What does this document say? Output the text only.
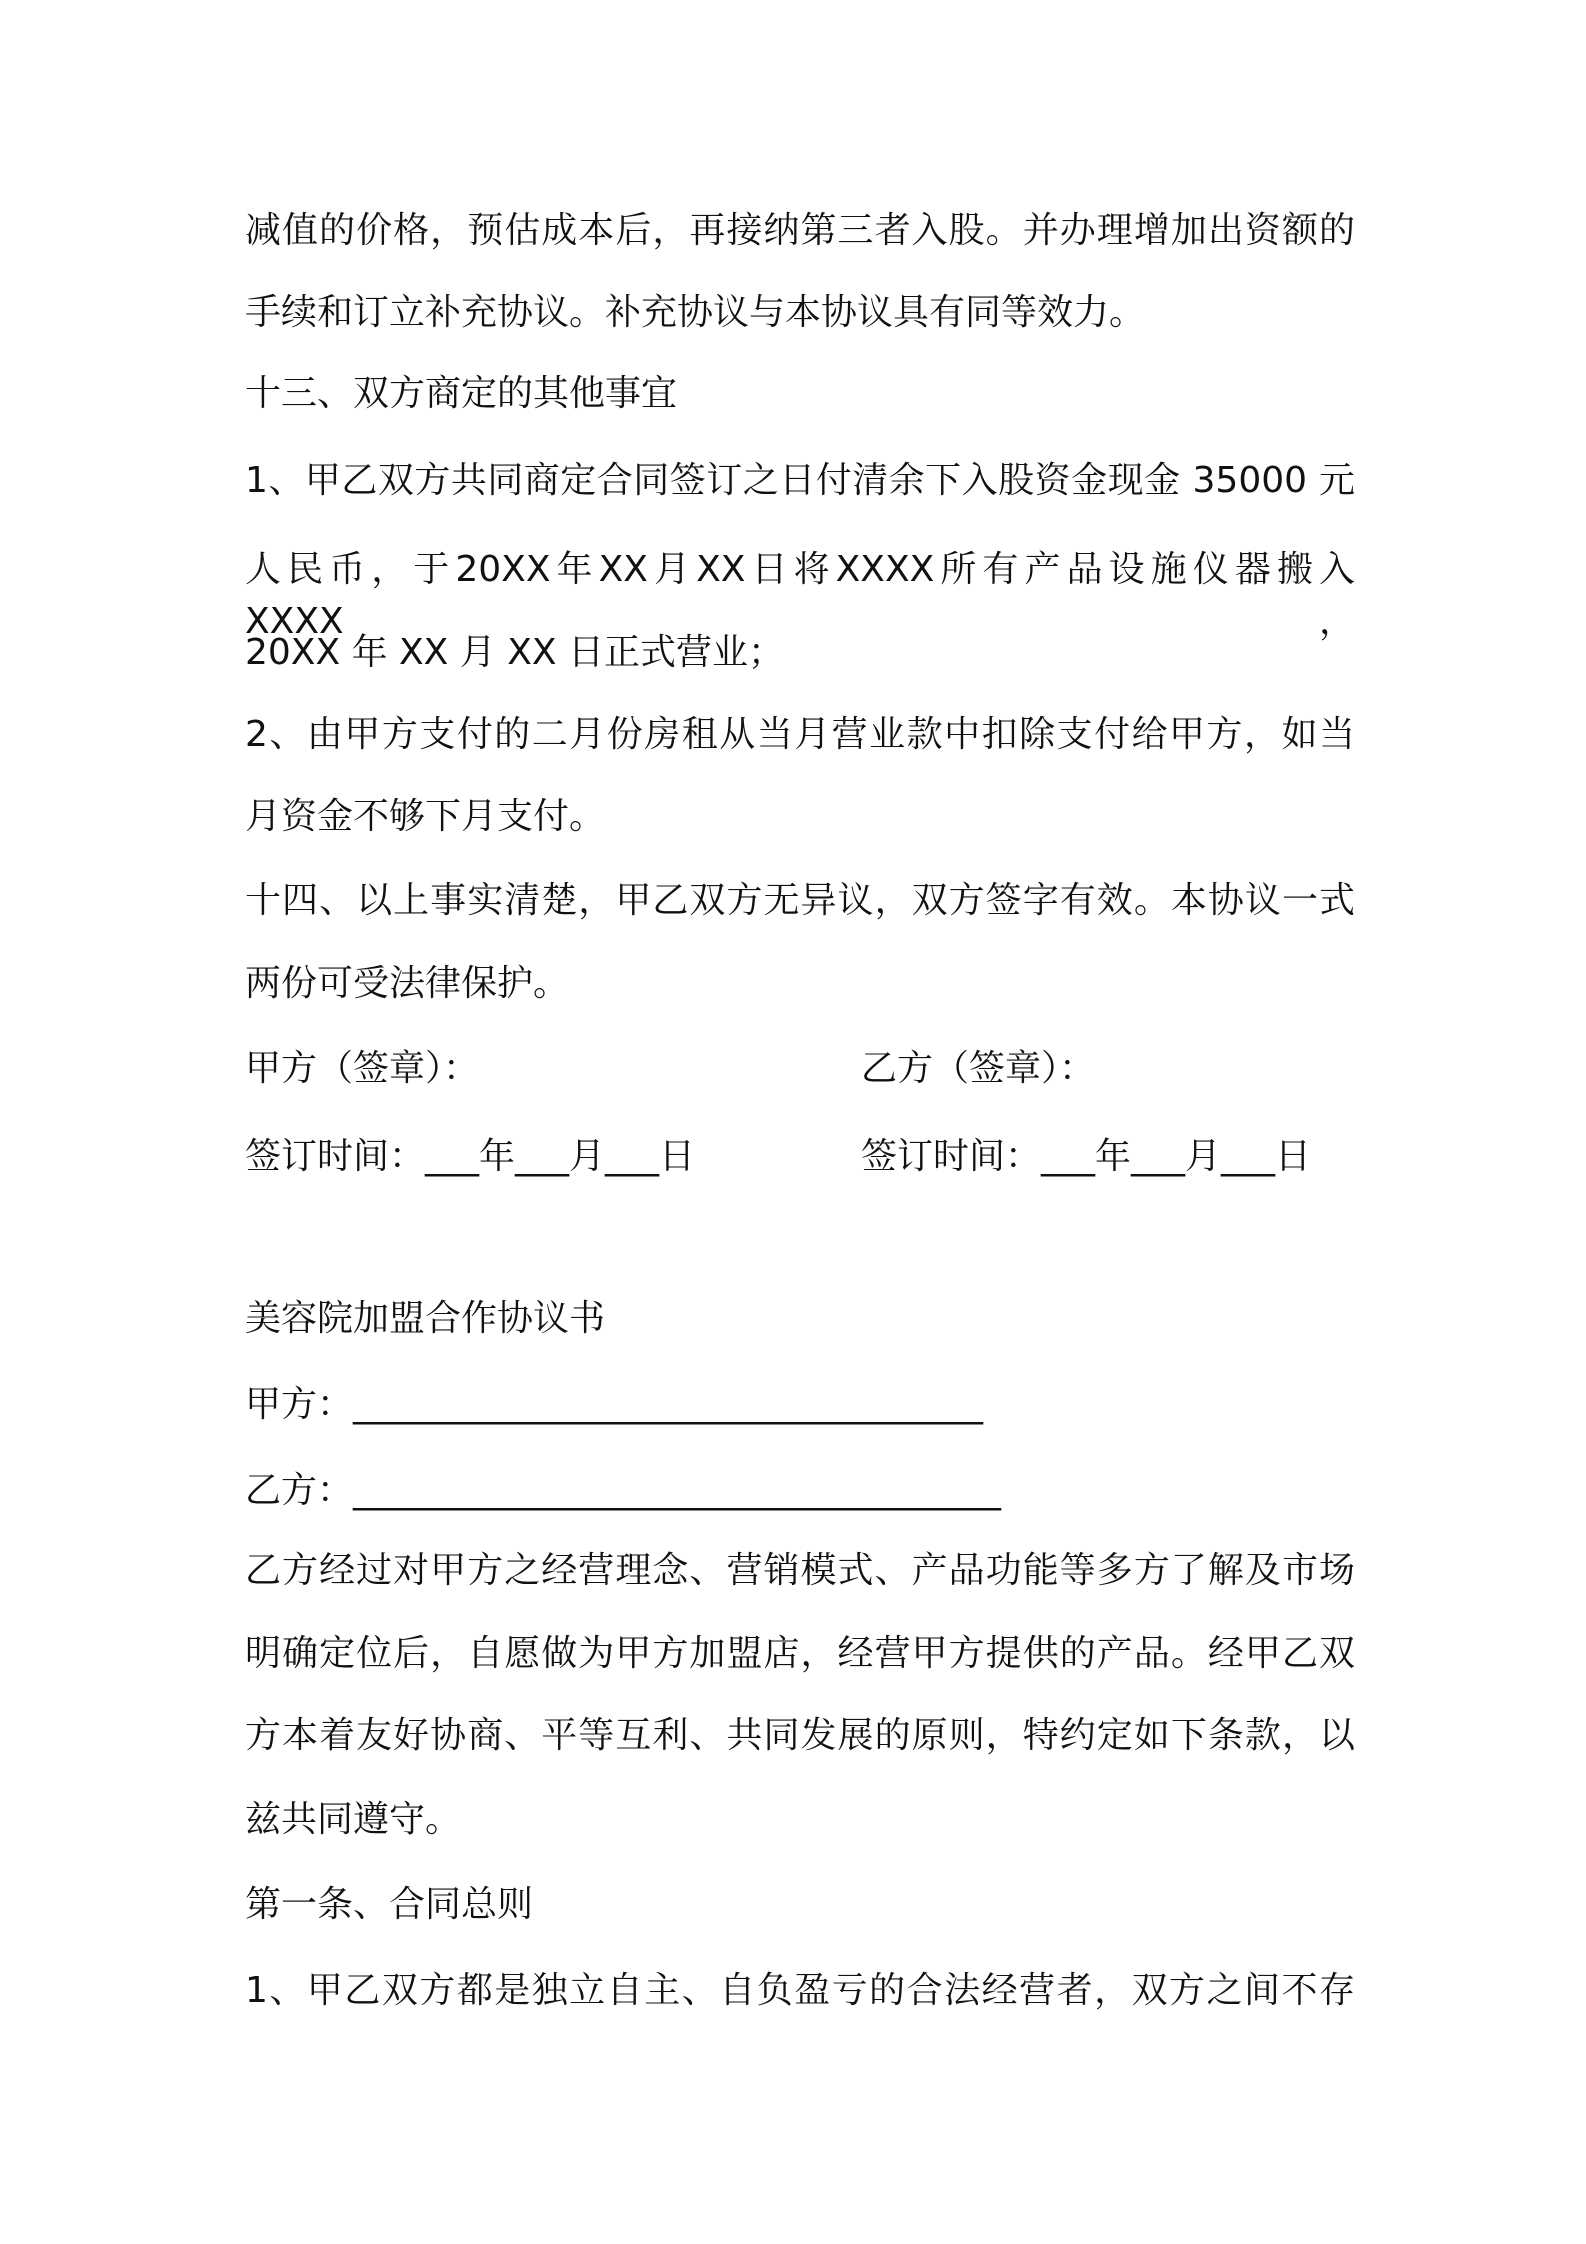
减值的价格，预估成本后，再接纳第三者入股。并办理增加出资额的
手续和订立补充协议。补充协议与本协议具有同等效力。
十三、双方商定的其他事宜
1、甲乙双方共同商定合同签订之日付清余下入股资金现金 35000 元
人民币，于20XX年XX月XX日将XXXX所有产品设施仪器搬入XXXX，
20XX 年 XX 月 XX 日正式营业；
2、由甲方支付的二月份房租从当月营业款中扣除支付给甲方，如当
月资金不够下月支付。
十四、以上事实清楚，甲乙双方无异议，双方签字有效。本协议一式
两份可受法律保护。
甲方（签章）：	乙方（签章）：
签订时间：___年___月___日	签订时间：___年___月___日
美容院加盟合作协议书
甲方：___________________________________
乙方：____________________________________
乙方经过对甲方之经营理念、营销模式、产品功能等多方了解及市场
明确定位后，自愿做为甲方加盟店，经营甲方提供的产品。经甲乙双
方本着友好协商、平等互利、共同发展的原则，特约定如下条款，以
兹共同遵守。
第一条、合同总则
1、甲乙双方都是独立自主、自负盈亏的合法经营者，双方之间不存
